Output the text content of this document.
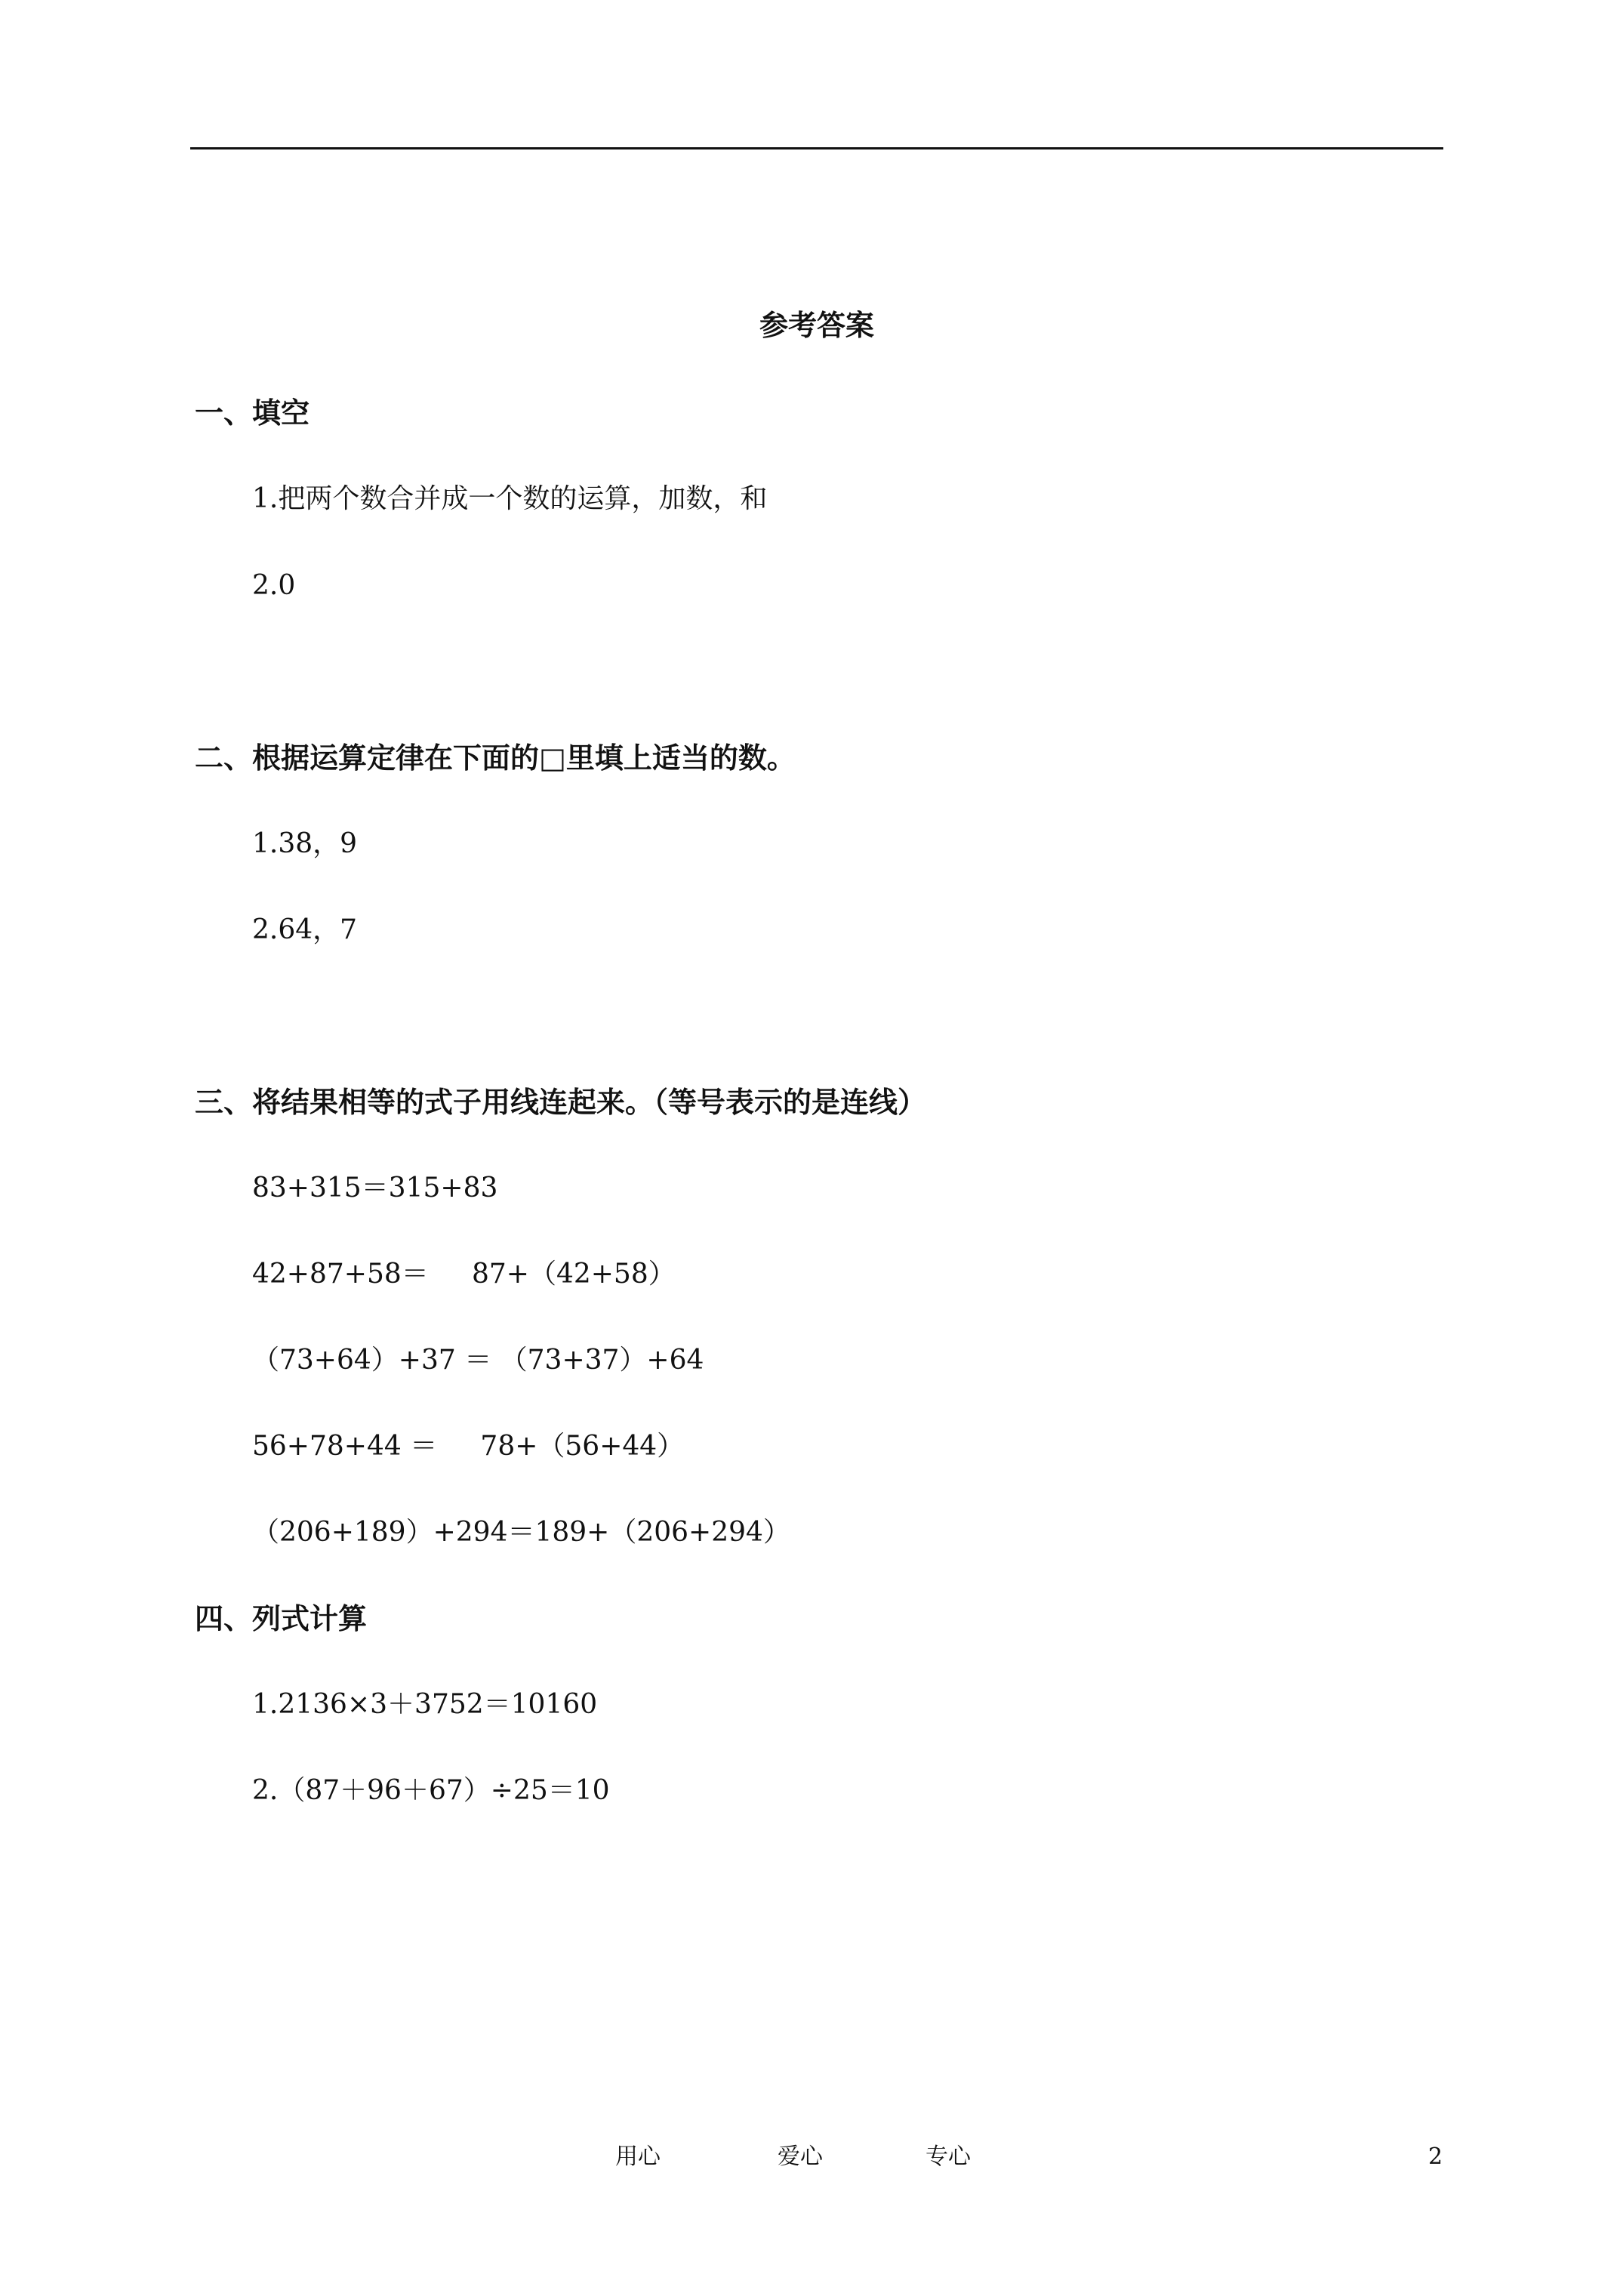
参考答案
一、填空
1.把两个数合并成一个数的运算，加数，和
2.0
二、根据运算定律在下面的□里填上适当的数。
1.38，9
2.64，7
三、将结果相等的式子用线连起来。（等号表示的是连线）
83+315＝315+83
42+87+58＝     87+（42+58）
（73+64）+37 ＝ （73+37）+64
56+78+44 ＝     78+（56+44）
（206+189）+294＝189+（206+294）
四、列式计算
1.2136×3＋3752＝10160
2.（87＋96＋67）÷25＝10
用心	爱心	专心	2
